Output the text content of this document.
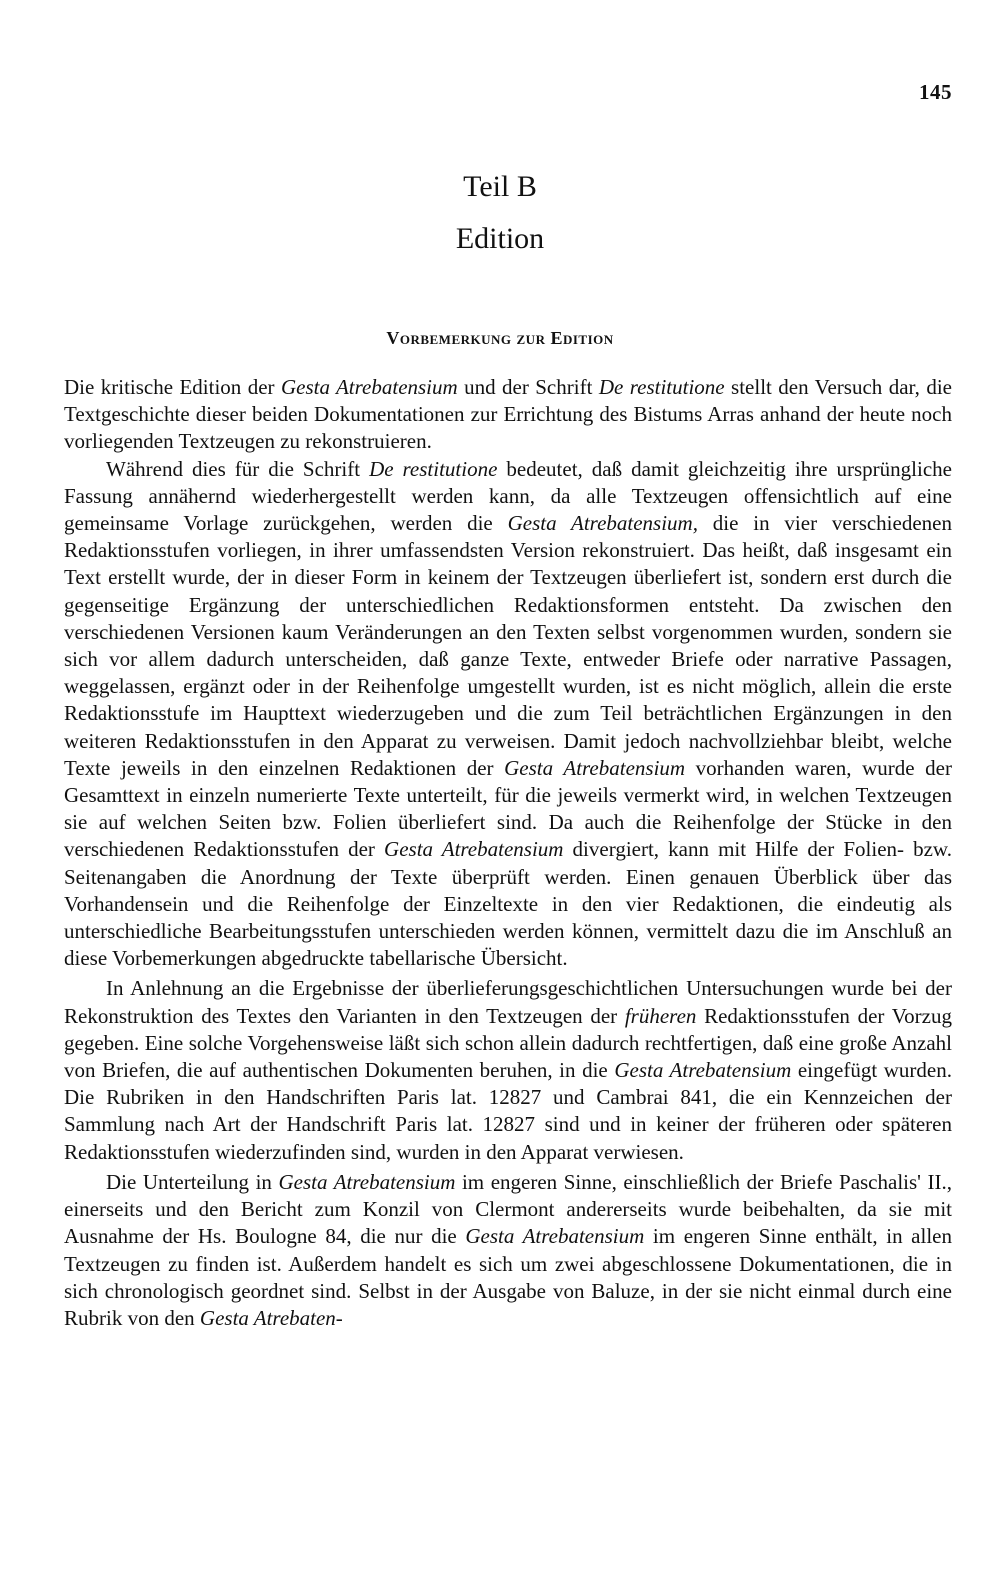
145
Teil B
Edition
Vorbemerkung zur Edition

Die kritische Edition der Gesta Atrebatensium und der Schrift De restitutione stellt den Versuch dar, die Textgeschichte dieser beiden Dokumentationen zur Errichtung des Bistums Arras anhand der heute noch vorliegenden Textzeugen zu rekonstruieren.

Während dies für die Schrift De restitutione bedeutet, daß damit gleichzeitig ihre ursprüngliche Fassung annähernd wiederhergestellt werden kann, da alle Textzeugen offensichtlich auf eine gemeinsame Vorlage zurückgehen, werden die Gesta Atrebatensium, die in vier verschiedenen Redaktionsstufen vorliegen, in ihrer umfassendsten Version rekonstruiert. Das heißt, daß insgesamt ein Text erstellt wurde, der in dieser Form in keinem der Textzeugen überliefert ist, sondern erst durch die gegenseitige Ergänzung der unterschiedlichen Redaktionsformen entsteht. Da zwischen den verschiedenen Versionen kaum Veränderungen an den Texten selbst vorgenommen wurden, sondern sie sich vor allem dadurch unterscheiden, daß ganze Texte, entweder Briefe oder narrative Passagen, weggelassen, ergänzt oder in der Reihenfolge umgestellt wurden, ist es nicht möglich, allein die erste Redaktionsstufe im Haupttext wiederzugeben und die zum Teil beträchtlichen Ergänzungen in den weiteren Redaktionsstufen in den Apparat zu verweisen. Damit jedoch nachvollziehbar bleibt, welche Texte jeweils in den einzelnen Redaktionen der Gesta Atrebatensium vorhanden waren, wurde der Gesamttext in einzeln numerierte Texte unterteilt, für die jeweils vermerkt wird, in welchen Textzeugen sie auf welchen Seiten bzw. Folien überliefert sind. Da auch die Reihenfolge der Stücke in den verschiedenen Redaktionsstufen der Gesta Atrebatensium divergiert, kann mit Hilfe der Folien- bzw. Seitenangaben die Anordnung der Texte überprüft werden. Einen genauen Überblick über das Vorhandensein und die Reihenfolge der Einzeltexte in den vier Redaktionen, die eindeutig als unterschiedliche Bearbeitungsstufen unterschieden werden können, vermittelt dazu die im Anschluß an diese Vorbemerkungen abgedruckte tabellarische Übersicht.

In Anlehnung an die Ergebnisse der überlieferungsgeschichtlichen Untersuchungen wurde bei der Rekonstruktion des Textes den Varianten in den Textzeugen der früheren Redaktionsstufen der Vorzug gegeben. Eine solche Vorgehensweise läßt sich schon allein dadurch rechtfertigen, daß eine große Anzahl von Briefen, die auf authentischen Dokumenten beruhen, in die Gesta Atrebatensium eingefügt wurden. Die Rubriken in den Handschriften Paris lat. 12827 und Cambrai 841, die ein Kennzeichen der Sammlung nach Art der Handschrift Paris lat. 12827 sind und in keiner der früheren oder späteren Redaktionsstufen wiederzufinden sind, wurden in den Apparat verwiesen.

Die Unterteilung in Gesta Atrebatensium im engeren Sinne, einschließlich der Briefe Paschalis' II., einerseits und den Bericht zum Konzil von Clermont andererseits wurde beibehalten, da sie mit Ausnahme der Hs. Boulogne 84, die nur die Gesta Atrebatensium im engeren Sinne enthält, in allen Textzeugen zu finden ist. Außerdem handelt es sich um zwei abgeschlossene Dokumentationen, die in sich chronologisch geordnet sind. Selbst in der Ausgabe von Baluze, in der sie nicht einmal durch eine Rubrik von den Gesta Atrebaten-
